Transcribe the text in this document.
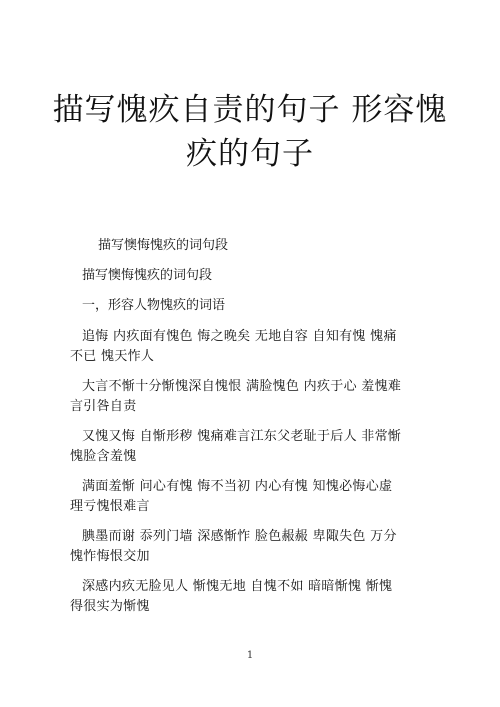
描写愧疚自责的句子 形容愧疚的句子
描写懊悔愧疚的词句段
描写懊悔愧疚的词句段
一，形容人物愧疚的词语
追悔 内疚面有愧色 悔之晚矣 无地自容 自知有愧 愧痛
不已 愧天怍人
大言不惭十分惭愧深自愧恨 满脸愧色 内疚于心 羞愧难
言引咎自责
又愧又悔 自惭形秽 愧痛难言江东父老耻于后人 非常惭
愧脸含羞愧
满面羞惭 问心有愧 悔不当初 内心有愧 知愧必悔心虚
理亏愧恨难言
腆墨而谢 忝列门墙 深感惭怍 脸色赧赧 卑陬失色 万分
愧怍悔恨交加
深感内疚无脸见人 惭愧无地 自愧不如 暗暗惭愧 惭愧
得很实为惭愧
1
